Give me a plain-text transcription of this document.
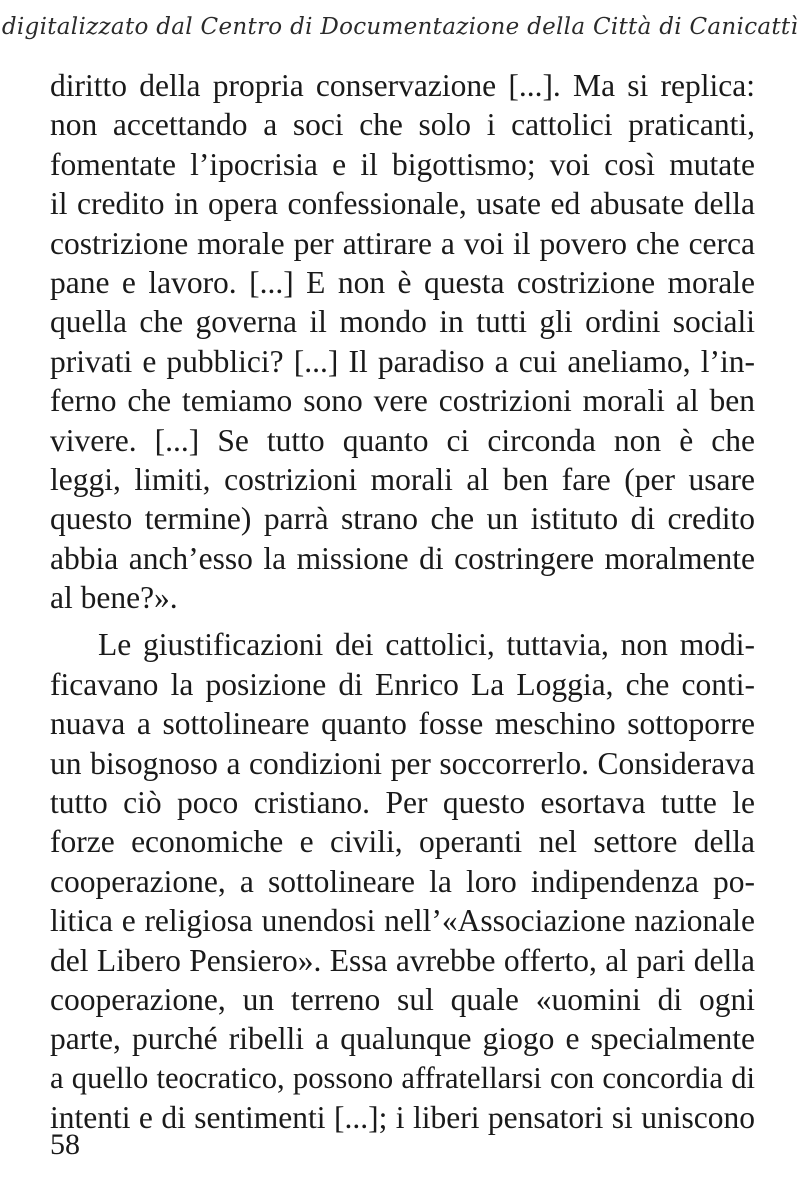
digitalizzato dal Centro di Documentazione della Città di Canicattì
diritto della propria conservazione [...]. Ma si replica:
non accettando a soci che solo i cattolici praticanti,
fomentate l’ipocrisia e il bigottismo; voi così mutate
il credito in opera confessionale, usate ed abusate della
costrizione morale per attirare a voi il povero che cerca
pane e lavoro. [...] E non è questa costrizione morale
quella che governa il mondo in tutti gli ordini sociali
privati e pubblici? [...] Il paradiso a cui aneliamo, l’in-
ferno che temiamo sono vere costrizioni morali al ben
vivere. [...] Se tutto quanto ci circonda non è che
leggi, limiti, costrizioni morali al ben fare (per usare
questo termine) parrà strano che un istituto di credito
abbia anch’esso la missione di costringere moralmente
al bene?».
Le giustificazioni dei cattolici, tuttavia, non modi-
ficavano la posizione di Enrico La Loggia, che conti-
nuava a sottolineare quanto fosse meschino sottoporre
un bisognoso a condizioni per soccorrerlo. Considerava
tutto ciò poco cristiano. Per questo esortava tutte le
forze economiche e civili, operanti nel settore della
cooperazione, a sottolineare la loro indipendenza po-
litica e religiosa unendosi nell’«Associazione nazionale
del Libero Pensiero». Essa avrebbe offerto, al pari della
cooperazione, un terreno sul quale «uomini di ogni
parte, purché ribelli a qualunque giogo e specialmente
a quello teocratico, possono affratellarsi con concordia di
intenti e di sentimenti [...]; i liberi pensatori si uniscono
58
